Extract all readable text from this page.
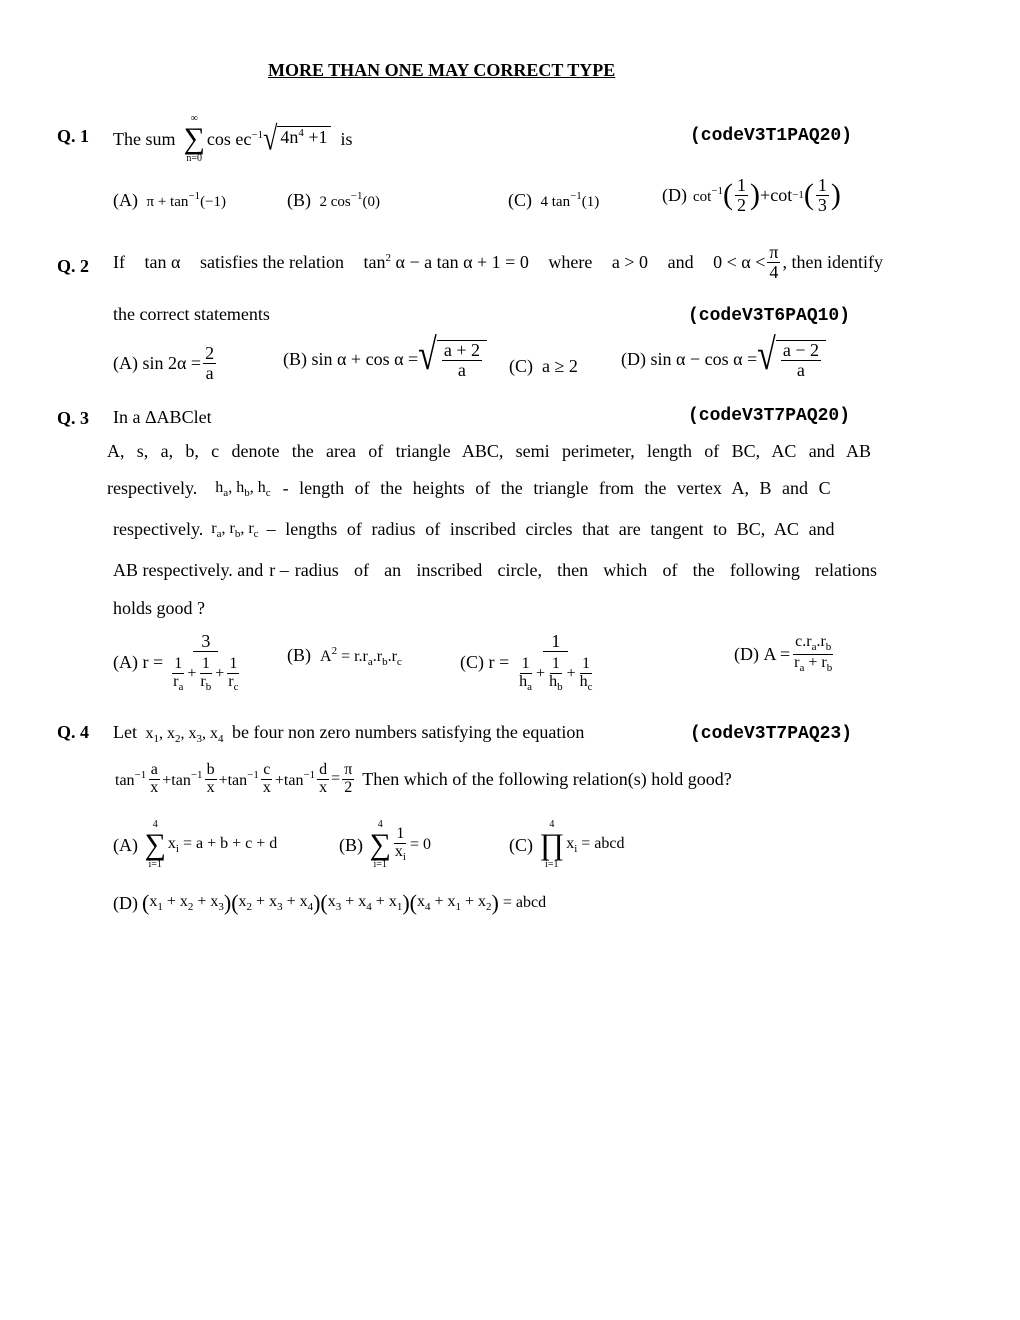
MORE THAN ONE MAY CORRECT TYPE
Q. 1 The sum
∞
∑
n=0
$\cos ec^{-1}$ √ $4n^4 +1$ is	(codeV3T1PAQ20)
(A) $\pi + \tan^{-1}(-1)$	(B) 2 $\cos^{-1}(0)$	(C) 4 $\tan^{-1}(1)$	(D) $\cot^{-1}$ ( $\frac{1}{2}$ ) +cot −1 ( $\frac{1}{3}$ )
Q. 2 If tan α satisfies the relation $\tan^2 \alpha - a$ tan α + 1 = 0 where a > 0 and $0 < \alpha < \frac{\pi}{4}$ , then identify
the correct statements	(codeV3T6PAQ10)
(A)
$\sin 2\alpha = \frac{2}{a}$	(B)
sin α + cos α = √ $\frac{a + 2}{a} (C) a \ge 2$ (D)
sin α − cos α = √ $\frac{a - 2}{a}$
Q. 3 In a ΔABClet	(codeV3T7PAQ20)
A, s, a, b, c denote the area of triangle ABC, semi perimeter, length of BC, AC and AB
respectively. $h_a$, $h_b$, $h_c$ - length of the heights of the triangle from the vertex A, B and C
respectively. $r_a$, $r_b$, $r_c$ – lengths of radius of inscribed circles that are tangent to BC, AC and
AB respectively. and r – radius of an inscribed circle, then which of the following relations
holds good ?
(A)
$r = \frac{3}{\frac{1}{r_a} + \frac{1}{r_b} + \frac{1}{r_c}} (B) A^2 = r.r_a.r_b.r_c$	(C)
$r = \frac{1}{\frac{1}{h_a} + \frac{1}{h_b} + \frac{1}{h_c}}$	(D)
$A = \frac{c.r_a.r_b}{r_a + r_b}$
Q. 4 Let $x_1$, $x_2$, $x_3$, $x_4$ be four non zero numbers satisfying the equation	(codeV3T7PAQ23)
$\tan^{-1} \frac{a}{x} +\tan^{-1} \frac{b}{x} +\tan^{-1} \frac{c}{x} +\tan^{-1} \frac{d}{x} = \frac{\pi}{2}$ Then which of the following relation(s) hold good?
(A)

4
∑
i=1
$x_i = a + b + c + d$	(B)

4
∑
i=1
$\frac{1}{x_i} = 0$	(C)

4
∏
i=1
$x_i$ = abcd
(D)
( $x_1 + x_2 + x_3$ )( $x_2 + x_3 + x_4$ )( $x_3 + x_4 + x_1$ )( $x_4 + x_1 + x_2$ ) = abcd
